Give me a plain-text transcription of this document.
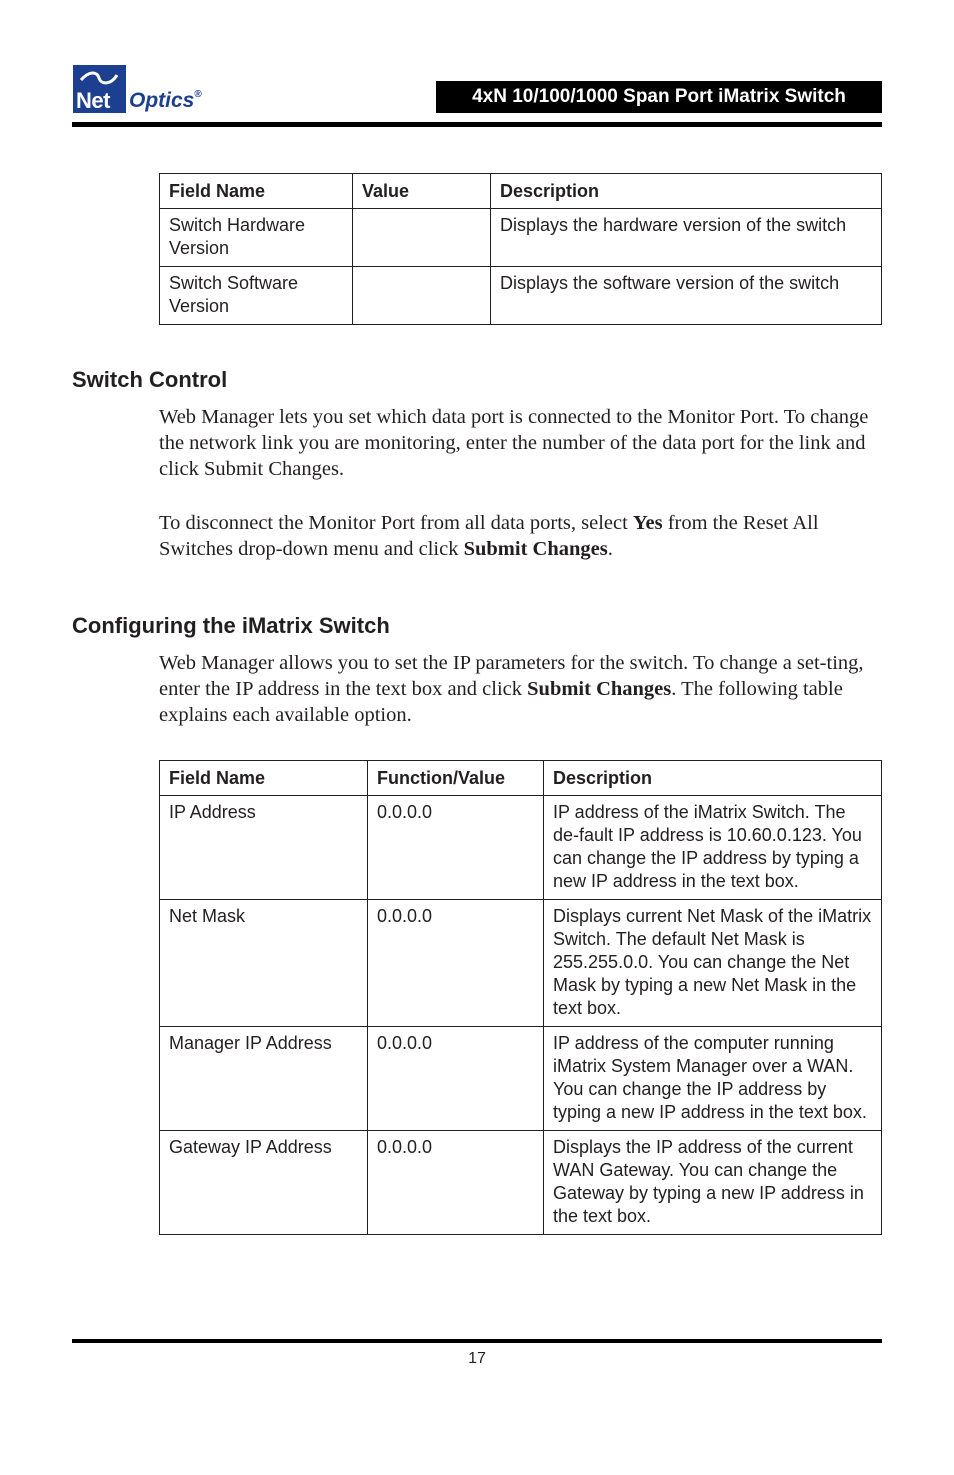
Net Optics®	4xN 10/100/1000 Span Port iMatrix Switch
Field Name	Value	Description
Switch Hardware Version		Displays the hardware version of the switch
Switch Software Version		Displays the software version of the switch
Switch Control

Web Manager lets you set which data port is connected to the Monitor Port. To change the network link you are monitoring, enter the number of the data port for the link and click Submit Changes.

To disconnect the Monitor Port from all data ports, select Yes from the Reset All Switches drop-down menu and click Submit Changes.

Configuring the iMatrix Switch

Web Manager allows you to set the IP parameters for the switch. To change a set-ting, enter the IP address in the text box and click Submit Changes. The following table explains each available option.

Field Name	Function/Value	Description
IP Address	0.0.0.0	IP address of the iMatrix Switch. The de-fault IP address is 10.60.0.123. You can change the IP address by typing a new IP address in the text box.
Net Mask	0.0.0.0	Displays current Net Mask of the iMatrix Switch. The default Net Mask is 255.255.0.0. You can change the Net Mask by typing a new Net Mask in the text box.
Manager IP Address	0.0.0.0	IP address of the computer running iMatrix System Manager over a WAN. You can change the IP address by typing a new IP address in the text box.
Gateway IP Address	0.0.0.0	Displays the IP address of the current WAN Gateway. You can change the Gateway by typing a new IP address in the text box.
17
